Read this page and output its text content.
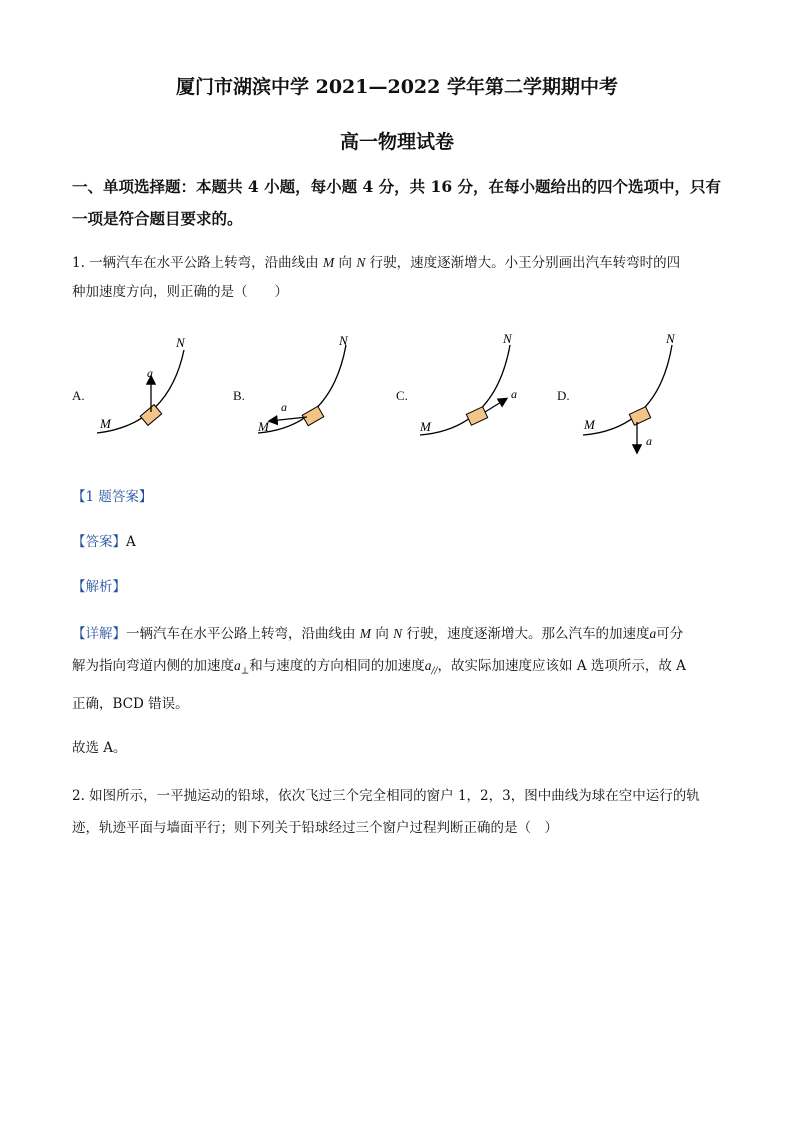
厦门市湖滨中学 2021—2022 学年第二学期期中考
高一物理试卷
一、单项选择题：本题共 4 小题，每小题 4 分，共 16 分，在每小题给出的四个选项中，只有
一项是符合题目要求的。
1. 一辆汽车在水平公路上转弯，沿曲线由 M 向 N 行驶，速度逐渐增大。小王分别画出汽车转弯时的四
种加速度方向，则正确的是（　　）
A.	B.	C.	D.
a
M
N
a
M
N
a
M
N
a
M
N
【1 题答案】
【答案】A
【解析】
【详解】一辆汽车在水平公路上转弯，沿曲线由 M 向 N 行驶，速度逐渐增大。那么汽车的加速度a可分
解为指向弯道内侧的加速度$a_\perp$和与速度的方向相同的加速度$a_{//}$，故实际加速度应该如 A 选项所示，故 A
正确，BCD 错误。
故选 A。
2. 如图所示，一平抛运动的铅球，依次飞过三个完全相同的窗户 1，2，3，图中曲线为球在空中运行的轨
迹，轨迹平面与墙面平行；则下列关于铅球经过三个窗户过程判断正确的是（　）
